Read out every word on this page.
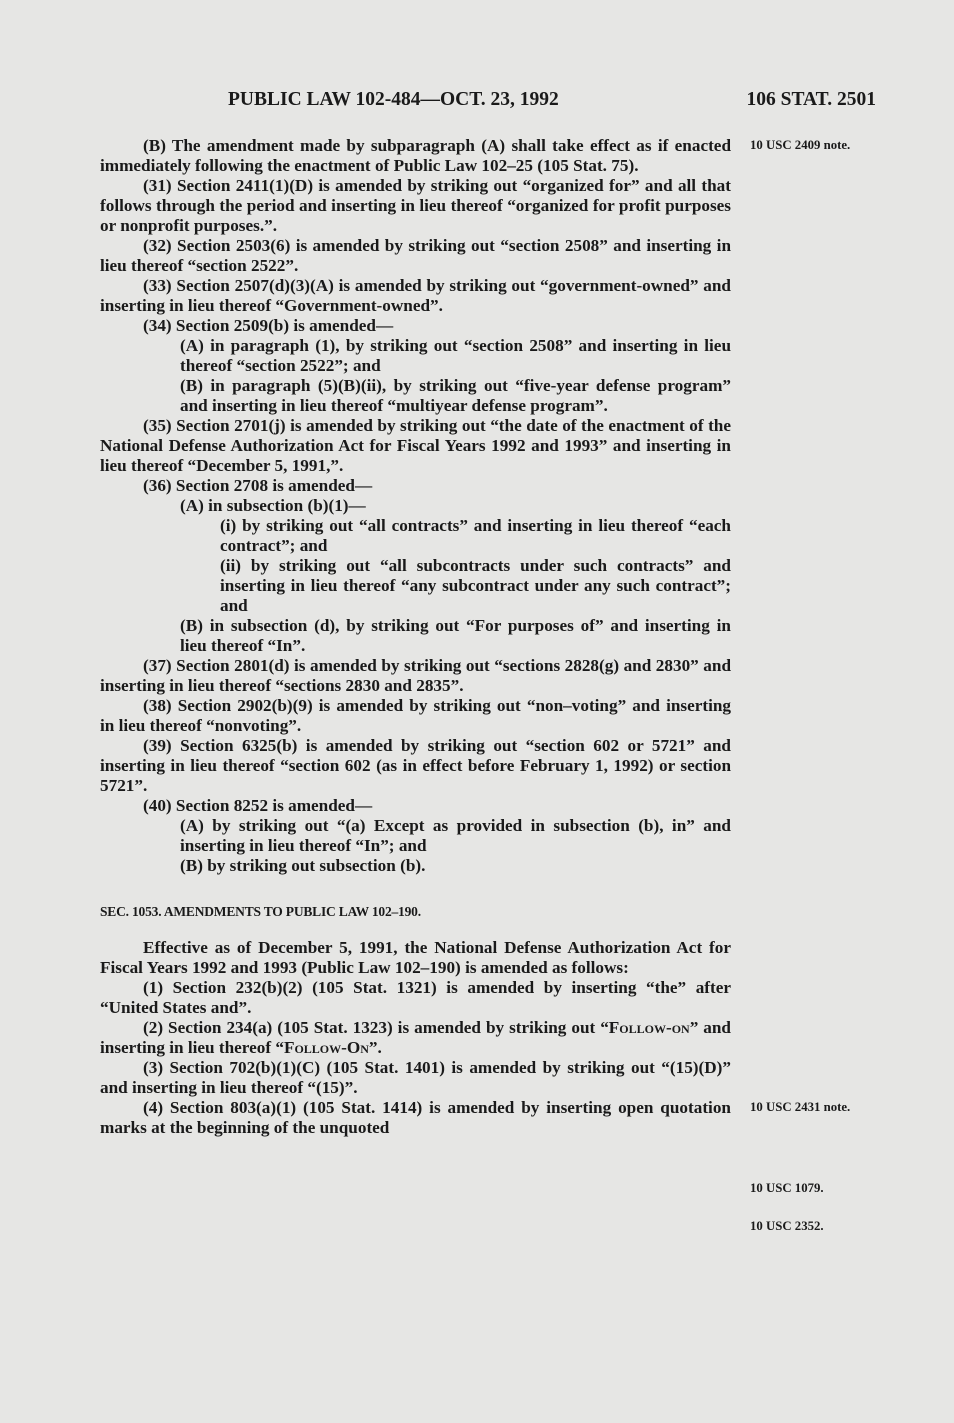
PUBLIC LAW 102-484—OCT. 23, 1992	106 STAT. 2501

(B) The amendment made by subparagraph (A) shall take effect as if enacted immediately following the enactment of Public Law 102–25 (105 Stat. 75).

(31) Section 2411(1)(D) is amended by striking out “organized for” and all that follows through the period and inserting in lieu thereof “organized for profit purposes or nonprofit purposes.”.

(32) Section 2503(6) is amended by striking out “section 2508” and inserting in lieu thereof “section 2522”.

(33) Section 2507(d)(3)(A) is amended by striking out “government-owned” and inserting in lieu thereof “Government-owned”.

(34) Section 2509(b) is amended—

(A) in paragraph (1), by striking out “section 2508” and inserting in lieu thereof “section 2522”; and

(B) in paragraph (5)(B)(ii), by striking out “five-year defense program” and inserting in lieu thereof “multiyear defense program”.

(35) Section 2701(j) is amended by striking out “the date of the enactment of the National Defense Authorization Act for Fiscal Years 1992 and 1993” and inserting in lieu thereof “December 5, 1991,”.

(36) Section 2708 is amended—

(A) in subsection (b)(1)—

(i) by striking out “all contracts” and inserting in lieu thereof “each contract”; and

(ii) by striking out “all subcontracts under such contracts” and inserting in lieu thereof “any subcontract under any such contract”; and

(B) in subsection (d), by striking out “For purposes of” and inserting in lieu thereof “In”.

(37) Section 2801(d) is amended by striking out “sections 2828(g) and 2830” and inserting in lieu thereof “sections 2830 and 2835”.

(38) Section 2902(b)(9) is amended by striking out “non–voting” and inserting in lieu thereof “nonvoting”.

(39) Section 6325(b) is amended by striking out “section 602 or 5721” and inserting in lieu thereof “section 602 (as in effect before February 1, 1992) or section 5721”.

(40) Section 8252 is amended—

(A) by striking out “(a) Except as provided in subsection (b), in” and inserting in lieu thereof “In”; and

(B) by striking out subsection (b).

SEC. 1053. AMENDMENTS TO PUBLIC LAW 102–190.

Effective as of December 5, 1991, the National Defense Authorization Act for Fiscal Years 1992 and 1993 (Public Law 102–190) is amended as follows:

(1) Section 232(b)(2) (105 Stat. 1321) is amended by inserting “the” after “United States and”.

(2) Section 234(a) (105 Stat. 1323) is amended by striking out “Follow-on” and inserting in lieu thereof “Follow-On”.

(3) Section 702(b)(1)(C) (105 Stat. 1401) is amended by striking out “(15)(D)” and inserting in lieu thereof “(15)”.

(4) Section 803(a)(1) (105 Stat. 1414) is amended by inserting open quotation marks at the beginning of the unquoted

10 USC 2409 note.
10 USC 2431 note.
10 USC 1079.
10 USC 2352.
